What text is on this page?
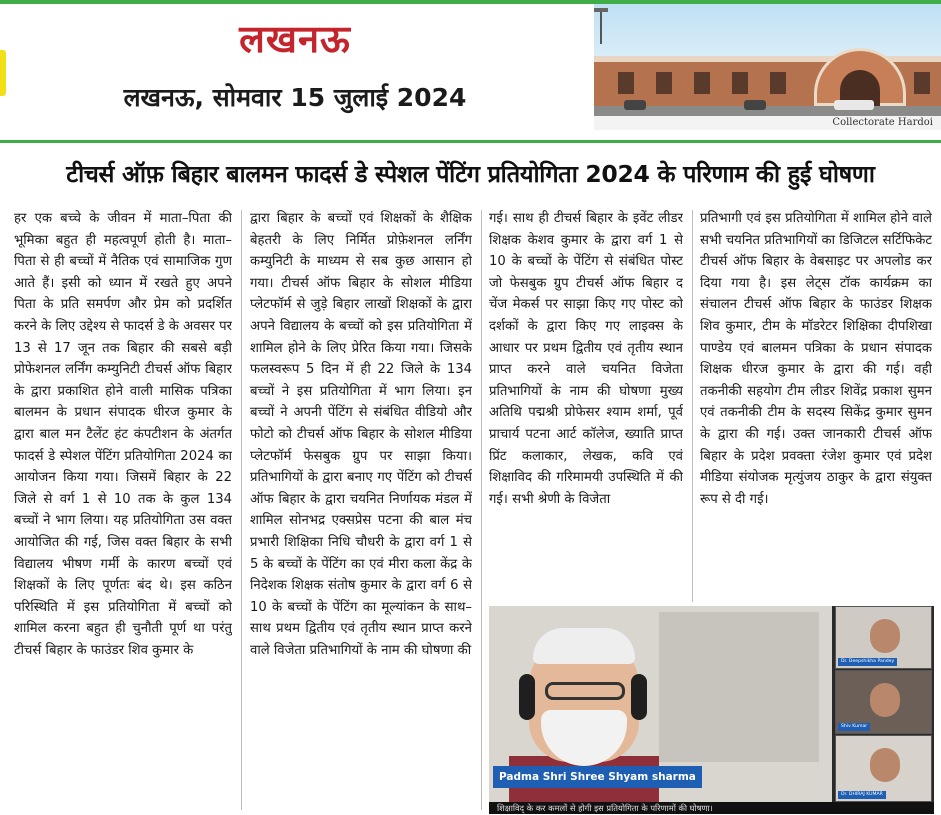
लखनऊ
लखनऊ, सोमवार 15 जुलाई 2024
Collectorate Hardoi
टीचर्स ऑफ़ बिहार बालमन फादर्स डे स्पेशल पेंटिंग प्रतियोगिता 2024 के परिणाम की हुई घोषणा
हर एक बच्चे के जीवन में माता–पिता की भूमिका बहुत ही महत्वपूर्ण होती है। माता–पिता से ही बच्चों में नैतिक एवं सामाजिक गुण आते हैं। इसी को ध्यान में रखते हुए अपने पिता के प्रति समर्पण और प्रेम को प्रदर्शित करने के लिए उद्देश्य से फादर्स डे के अवसर पर 13 से 17 जून तक बिहार की सबसे बड़ी प्रोफेशनल लर्निंग कम्युनिटी टीचर्स ऑफ बिहार के द्वारा प्रकाशित होने वाली मासिक पत्रिका बालमन के प्रधान संपादक धीरज कुमार के द्वारा बाल मन टैलेंट हंट कंपटीशन के अंतर्गत फादर्स डे स्पेशल पेंटिंग प्रतियोगिता 2024 का आयोजन किया गया। जिसमें बिहार के 22 जिले से वर्ग 1 से 10 तक के कुल 134 बच्चों ने भाग लिया। यह प्रतियोगिता उस वक्त आयोजित की गई, जिस वक्त बिहार के सभी विद्यालय भीषण गर्मी के कारण बच्चों एवं शिक्षकों के लिए पूर्णतः बंद थे। इस कठिन परिस्थिति में इस प्रतियोगिता में बच्चों को शामिल करना बहुत ही चुनौती पूर्ण था परंतु टीचर्स बिहार के फाउंडर शिव कुमार के
द्वारा बिहार के बच्चों एवं शिक्षकों के शैक्षिक बेहतरी के लिए निर्मित प्रोफ़ेशनल लर्निंग कम्युनिटी के माध्यम से सब कुछ आसान हो गया। टीचर्स ऑफ बिहार के सोशल मीडिया प्लेटफॉर्म से जुड़े बिहार लाखों शिक्षकों के द्वारा अपने विद्यालय के बच्चों को इस प्रतियोगिता में शामिल होने के लिए प्रेरित किया गया। जिसके फलस्वरूप 5 दिन में ही 22 जिले के 134 बच्चों ने इस प्रतियोगिता में भाग लिया। इन बच्चों ने अपनी पेंटिंग से संबंधित वीडियो और फोटो को टीचर्स ऑफ बिहार के सोशल मीडिया प्लेटफॉर्म फेसबुक ग्रुप पर साझा किया। प्रतिभागियों के द्वारा बनाए गए पेंटिंग को टीचर्स ऑफ बिहार के द्वारा चयनित निर्णायक मंडल में शामिल सोनभद्र एक्सप्रेस पटना की बाल मंच प्रभारी शिक्षिका निधि चौधरी के द्वारा वर्ग 1 से 5 के बच्चों के पेंटिंग का एवं मीरा कला केंद्र के निदेशक शिक्षक संतोष कुमार के द्वारा वर्ग 6 से 10 के बच्चों के पेंटिंग का मूल्यांकन के साथ–साथ प्रथम द्वितीय एवं तृतीय स्थान प्राप्त करने वाले विजेता प्रतिभागियों के नाम की घोषणा की
गई। साथ ही टीचर्स बिहार के इवेंट लीडर शिक्षक केशव कुमार के द्वारा वर्ग 1 से 10 के बच्चों के पेंटिंग से संबंधित पोस्ट जो फेसबुक ग्रुप टीचर्स ऑफ बिहार द चेंज मेकर्स पर साझा किए गए पोस्ट को दर्शकों के द्वारा किए गए लाइक्स के आधार पर प्रथम द्वितीय एवं तृतीय स्थान प्राप्त करने वाले चयनित विजेता प्रतिभागियों के नाम की घोषणा मुख्य अतिथि पद्मश्री प्रोफेसर श्याम शर्मा, पूर्व प्राचार्य पटना आर्ट कॉलेज, ख्याति प्राप्त प्रिंट कलाकार, लेखक, कवि एवं शिक्षाविद की गरिमामयी उपस्थिति में की गई। सभी श्रेणी के विजेता
प्रतिभागी एवं इस प्रतियोगिता में शामिल होने वाले सभी चयनित प्रतिभागियों का डिजिटल सर्टिफिकेट टीचर्स ऑफ बिहार के वेबसाइट पर अपलोड कर दिया गया है। इस लेट्स टॉक कार्यक्रम का संचालन टीचर्स ऑफ बिहार के फाउंडर शिक्षक शिव कुमार, टीम के मॉडरेटर शिक्षिका दीपशिखा पाण्डेय एवं बालमन पत्रिका के प्रधान संपादक शिक्षक धीरज कुमार के द्वारा की गई। वही तकनीकी सहयोग टीम लीडर शिवेंद्र प्रकाश सुमन एवं तकनीकी टीम के सदस्य सिकेंद्र कुमार सुमन के द्वारा की गई। उक्त जानकारी टीचर्स ऑफ बिहार के प्रदेश प्रवक्ता रंजेश कुमार एवं प्रदेश मीडिया संयोजक मृत्युंजय ठाकुर के द्वारा संयुक्त रूप से दी गई।
Padma Shri Shree Shyam sharma
Dr. Deepshikha Pandey
Shiv Kumar
Dr. DHIRAJ KUMAR
शिक्षाविद् के कर कमलों से होगी इस प्रतियोगिता के परिणामों की घोषणा।
